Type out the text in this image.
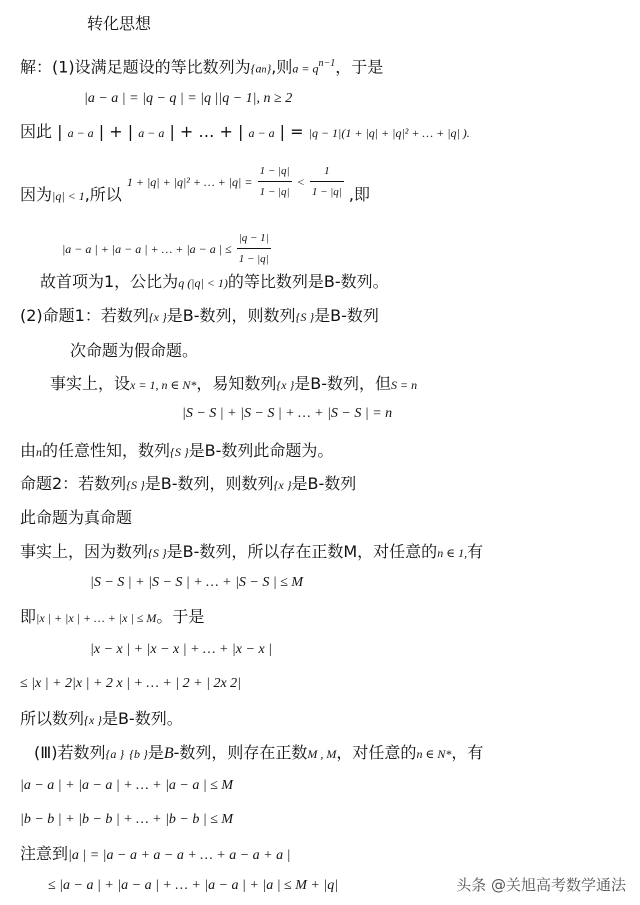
转化思想
解：(1)设满足题设的等比数列为{an},则$a = q^{n-1}$，于是
|a − a | = |q − q | = |q ||q − 1|, n ≥ 2
因此 | a − a | + | a − a | + … + | a − a | = |q − 1|(1 + |q| + |q|² + … + |q| ).
因为|q| < 1,所以 $^{1 + |q| + |q|^2 + \dots + |q| =} \frac{1 - |q|}{1 - |q|} ^< \frac{1}{1 - |q|}$ ,即
|a − a | + |a − a | + … + |a − a | ≤ $\frac{|q - 1|}{1 - |q|}$
故首项为1，公比为q (|q| < 1)的等比数列是B-数列。
(2)命题1：若数列{x }是B-数列，则数列{S }是B-数列
次命题为假命题。
事实上，设x = 1, n ∈ N*，易知数列{x }是B-数列，但S = n
|S − S | + |S − S | + … + |S − S | = n
由n的任意性知，数列{S }是B-数列此命题为。
命题2：若数列{S }是B-数列，则数列{x }是B-数列
此命题为真命题
事实上，因为数列{S }是B-数列，所以存在正数M，对任意的n ∈ 1,有
|S − S | + |S − S | + … + |S − S | ≤ M
即|x | + |x | + … + |x | ≤ M。于是
|x − x | + |x − x | + … + |x − x |
≤ |x | + 2|x | + 2 x | + … + | 2 + | 2x 2|
所以数列{x }是B-数列。
(Ⅲ)若数列{a } {b }是B-数列，则存在正数M , M，对任意的n ∈ N*，有
|a − a | + |a − a | + … + |a − a | ≤ M
|b − b | + |b − b | + … + |b − b | ≤ M
注意到|a | = |a − a + a − a + … + a − a + a |
≤ |a − a | + |a − a | + … + |a − a | + |a | ≤ M + |q|	头条 @关旭高考数学通法
